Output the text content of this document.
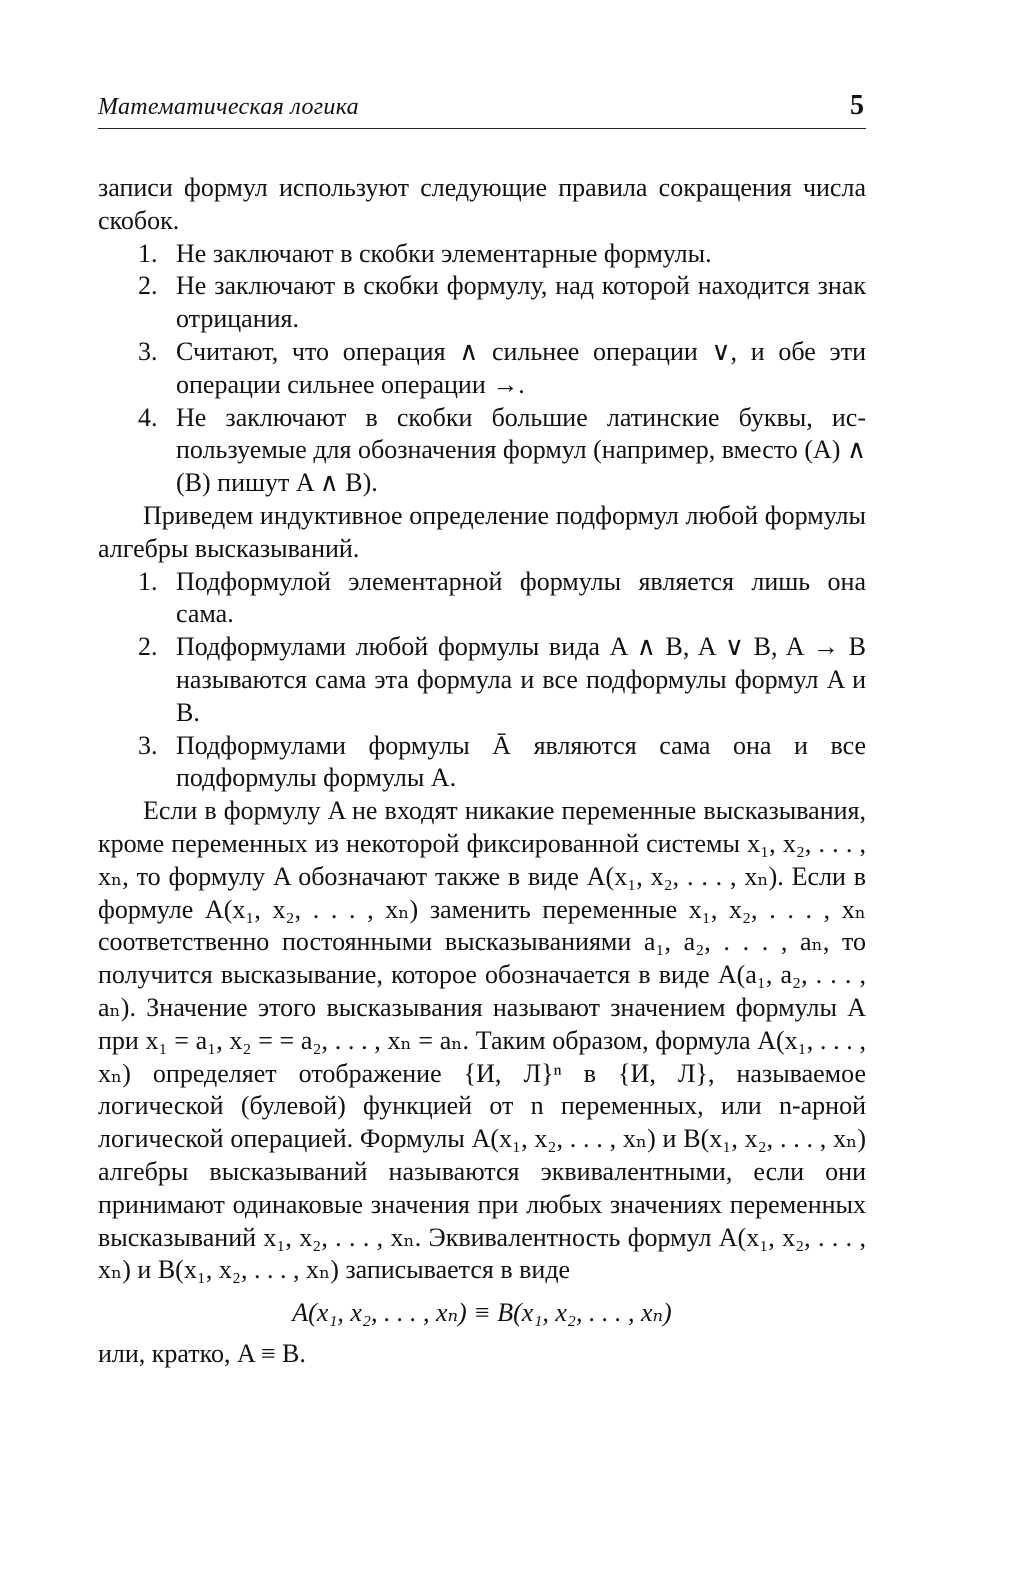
Математическая логика	5

записи формул используют следующие правила сокращения числа скобок.

1. Не заключают в скобки элементарные формулы.
2. Не заключают в скобки формулу, над которой находится знак отрицания.
3. Считают, что операция ∧ сильнее операции ∨, и обе эти операции сильнее операции →.
4. Не заключают в скобки большие латинские буквы, используемые для обозначения формул (например, вместо (A) ∧ (B) пишут A ∧ B).

Приведем индуктивное определение подформул любой формулы алгебры высказываний.

1. Подформулой элементарной формулы является лишь она сама.
2. Подформулами любой формулы вида A ∧ B, A ∨ B, A → B называются сама эта формула и все подформулы формул A и B.
3. Подформулами формулы Ā являются сама она и все подформулы формулы A.

Если в формулу A не входят никакие переменные высказывания, кроме переменных из некоторой фиксированной системы x₁, x₂, . . . , xₙ, то формулу A обозначают также в виде A(x₁, x₂, . . . , xₙ). Если в формуле A(x₁, x₂, . . . , xₙ) заменить переменные x₁, x₂, . . . , xₙ соответственно постоянными высказываниями a₁, a₂, . . . , aₙ, то получится высказывание, которое обозначается в виде A(a₁, a₂, . . . , aₙ). Значение этого высказывания называют значением формулы A при x₁ = a₁, x₂ = = a₂, . . . , xₙ = aₙ. Таким образом, формула A(x₁, . . . , xₙ) определяет отображение {И, Л}ⁿ в {И, Л}, называемое логической (булевой) функцией от n переменных, или n-арной логической операцией. Формулы A(x₁, x₂, . . . , xₙ) и B(x₁, x₂, . . . , xₙ) алгебры высказываний называются эквивалентными, если они принимают одинаковые значения при любых значениях переменных высказываний x₁, x₂, . . . , xₙ. Эквивалентность формул A(x₁, x₂, . . . , xₙ) и B(x₁, x₂, . . . , xₙ) записывается в виде

A(x₁, x₂, . . . , xₙ) ≡ B(x₁, x₂, . . . , xₙ)

или, кратко, A ≡ B.
